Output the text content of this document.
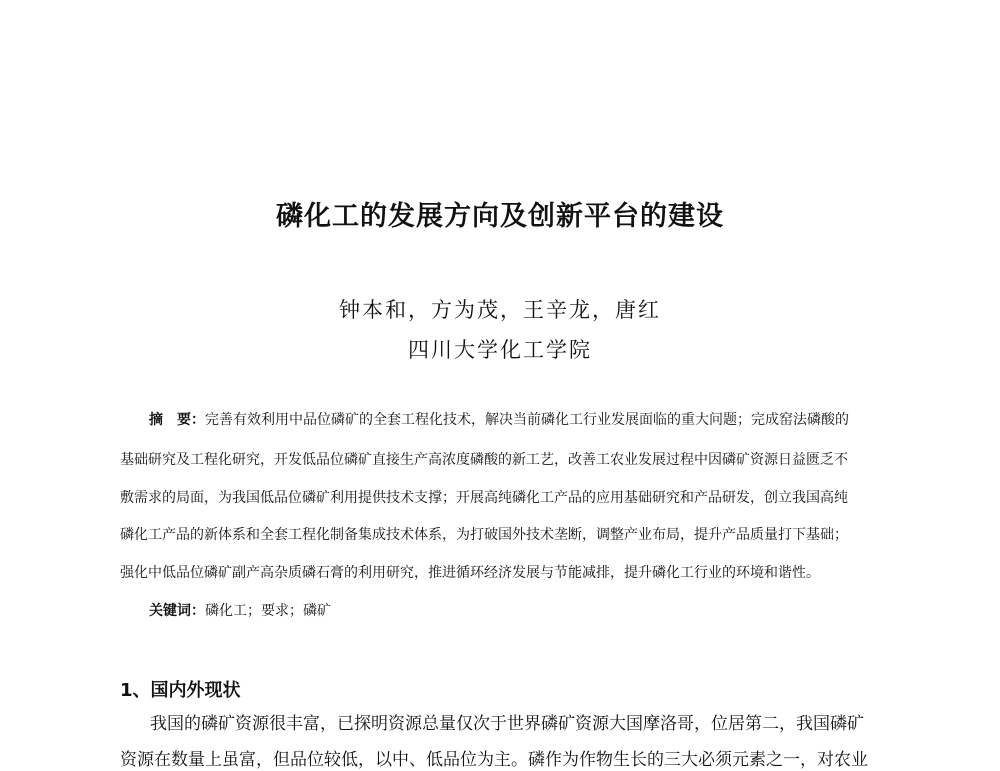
磷化工的发展方向及创新平台的建设
钟本和，方为茂，王辛龙，唐红
四川大学化工学院
摘　要：完善有效利用中品位磷矿的全套工程化技术，解决当前磷化工行业发展面临的重大问题；完成窑法磷酸的
基础研究及工程化研究，开发低品位磷矿直接生产高浓度磷酸的新工艺，改善工农业发展过程中因磷矿资源日益匮乏不
敷需求的局面，为我国低品位磷矿利用提供技术支撑；开展高纯磷化工产品的应用基础研究和产品研发，创立我国高纯
磷化工产品的新体系和全套工程化制备集成技术体系，为打破国外技术垄断，调整产业布局，提升产品质量打下基础；
强化中低品位磷矿副产高杂质磷石膏的利用研究，推进循环经济发展与节能减排，提升磷化工行业的环境和谐性。
关键词：磷化工；要求；磷矿
1、国内外现状
我国的磷矿资源很丰富，已探明资源总量仅次于世界磷矿资源大国摩洛哥，位居第二，我国磷矿
资源在数量上虽富，但品位较低，以中、低品位为主。磷作为作物生长的三大必须元素之一，对农业
